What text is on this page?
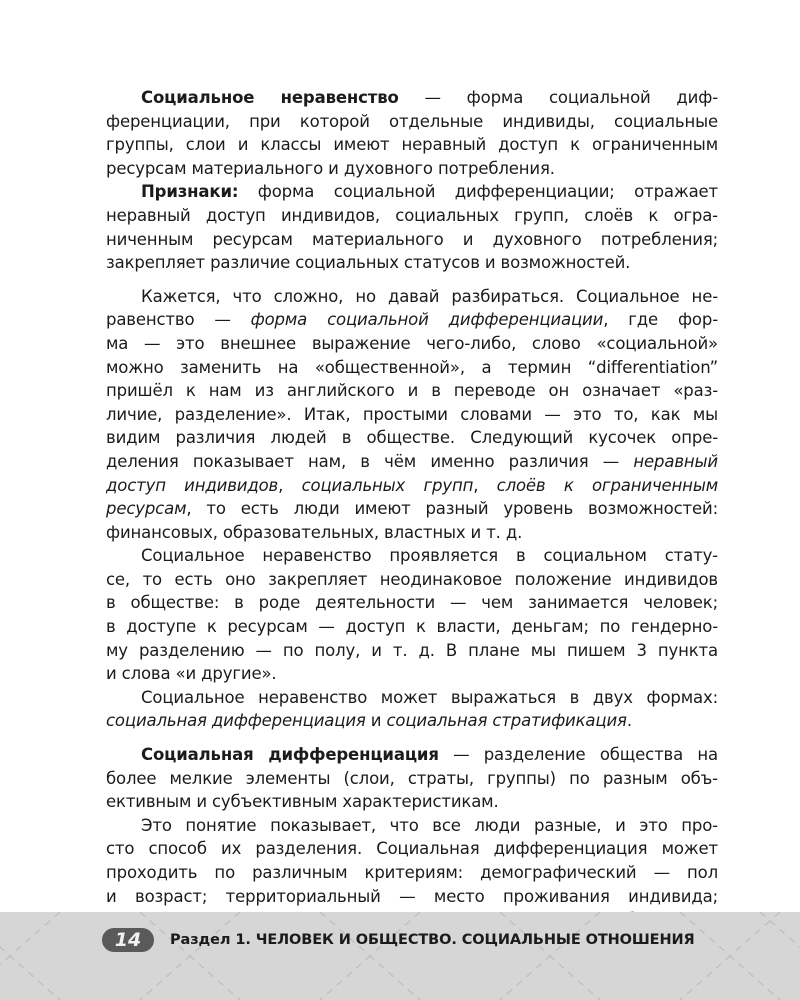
Социальное неравенство — форма социальной диф-
ференциации, при которой отдельные индивиды, социальные
группы, слои и классы имеют неравный доступ к ограниченным
ресурсам материального и духовного потребления.
Признаки: форма социальной дифференциации; отражает
неравный доступ индивидов, социальных групп, слоёв к огра-
ниченным ресурсам материального и духовного потребления;
закрепляет различие социальных статусов и возможностей.
Кажется, что сложно, но давай разбираться. Социальное не-
равенство — форма социальной дифференциации, где фор-
ма — это внешнее выражение чего-либо, слово «социальной»
можно заменить на «общественной», а термин “differentiation”
пришёл к нам из английского и в переводе он означает «раз-
личие, разделение». Итак, простыми словами — это то, как мы
видим различия людей в обществе. Следующий кусочек опре-
деления показывает нам, в чём именно различия — неравный
доступ индивидов, социальных групп, слоёв к ограниченным
ресурсам, то есть люди имеют разный уровень возможностей:
финансовых, образовательных, властных и т. д.
Социальное неравенство проявляется в социальном стату-
се, то есть оно закрепляет неодинаковое положение индивидов
в обществе: в роде деятельности — чем занимается человек;
в доступе к ресурсам — доступ к власти, деньгам; по гендерно-
му разделению — по полу, и т. д. В плане мы пишем 3 пункта
и слова «и другие».
Социальное неравенство может выражаться в двух формах:
социальная дифференциация и социальная стратификация.
Социальная дифференциация — разделение общества на
более мелкие элементы (слои, страты, группы) по разным объ-
ективным и субъективным характеристикам.
Это понятие показывает, что все люди разные, и это про-
сто способ их разделения. Социальная дифференциация может
проходить по различным критериям: демографический — пол
и возраст; территориальный — место проживания индивида;
14	Раздел 1. ЧЕЛОВЕК И ОБЩЕСТВО. СОЦИАЛЬНЫЕ ОТНОШЕНИЯ
